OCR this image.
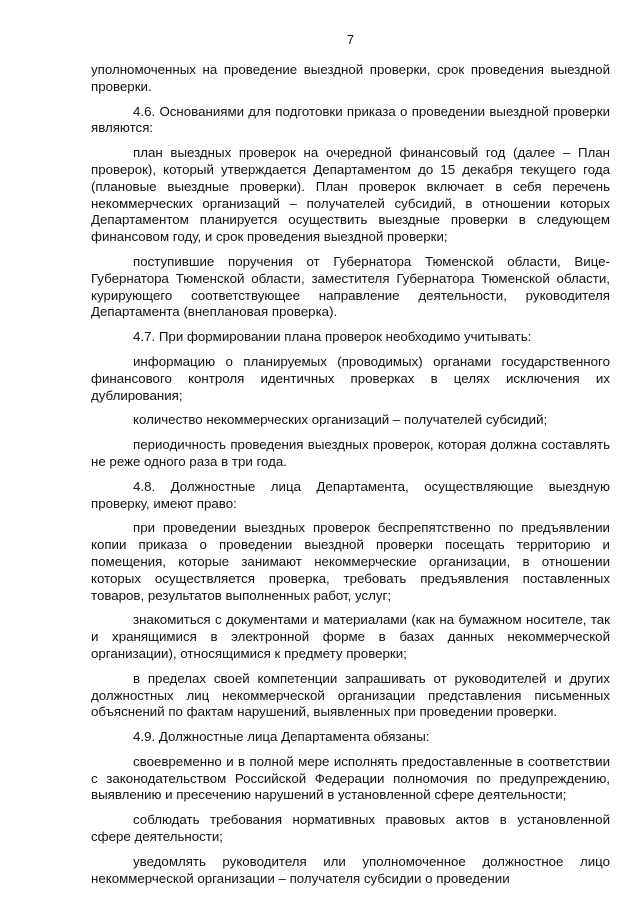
7

уполномоченных на проведение выездной проверки, срок проведения выездной проверки.

4.6. Основаниями для подготовки приказа о проведении выездной проверки являются:

план выездных проверок на очередной финансовый год (далее – План проверок), который утверждается Департаментом до 15 декабря текущего года (плановые выездные проверки). План проверок включает в себя перечень некоммерческих организаций – получателей субсидий, в отношении которых Департаментом планируется осуществить выездные проверки в следующем финансовом году, и срок проведения выездной проверки;

поступившие поручения от Губернатора Тюменской области, Вице-Губернатора Тюменской области, заместителя Губернатора Тюменской области, курирующего соответствующее направление деятельности, руководителя Департамента (внеплановая проверка).

4.7. При формировании плана проверок необходимо учитывать:

информацию о планируемых (проводимых) органами государственного финансового контроля идентичных проверках в целях исключения их дублирования;

количество некоммерческих организаций – получателей субсидий;

периодичность проведения выездных проверок, которая должна составлять не реже одного раза в три года.

4.8. Должностные лица Департамента, осуществляющие выездную проверку, имеют право:

при проведении выездных проверок беспрепятственно по предъявлении копии приказа о проведении выездной проверки посещать территорию и помещения, которые занимают некоммерческие организации, в отношении которых осуществляется проверка, требовать предъявления поставленных товаров, результатов выполненных работ, услуг;

знакомиться с документами и материалами (как на бумажном носителе, так и хранящимися в электронной форме в базах данных некоммерческой организации), относящимися к предмету проверки;

в пределах своей компетенции запрашивать от руководителей и других должностных лиц некоммерческой организации представления письменных объяснений по фактам нарушений, выявленных при проведении проверки.

4.9. Должностные лица Департамента обязаны:

своевременно и в полной мере исполнять предоставленные в соответствии с законодательством Российской Федерации полномочия по предупреждению, выявлению и пресечению нарушений в установленной сфере деятельности;

соблюдать требования нормативных правовых актов в установленной сфере деятельности;

уведомлять руководителя или уполномоченное должностное лицо некоммерческой организации – получателя субсидии о проведении
